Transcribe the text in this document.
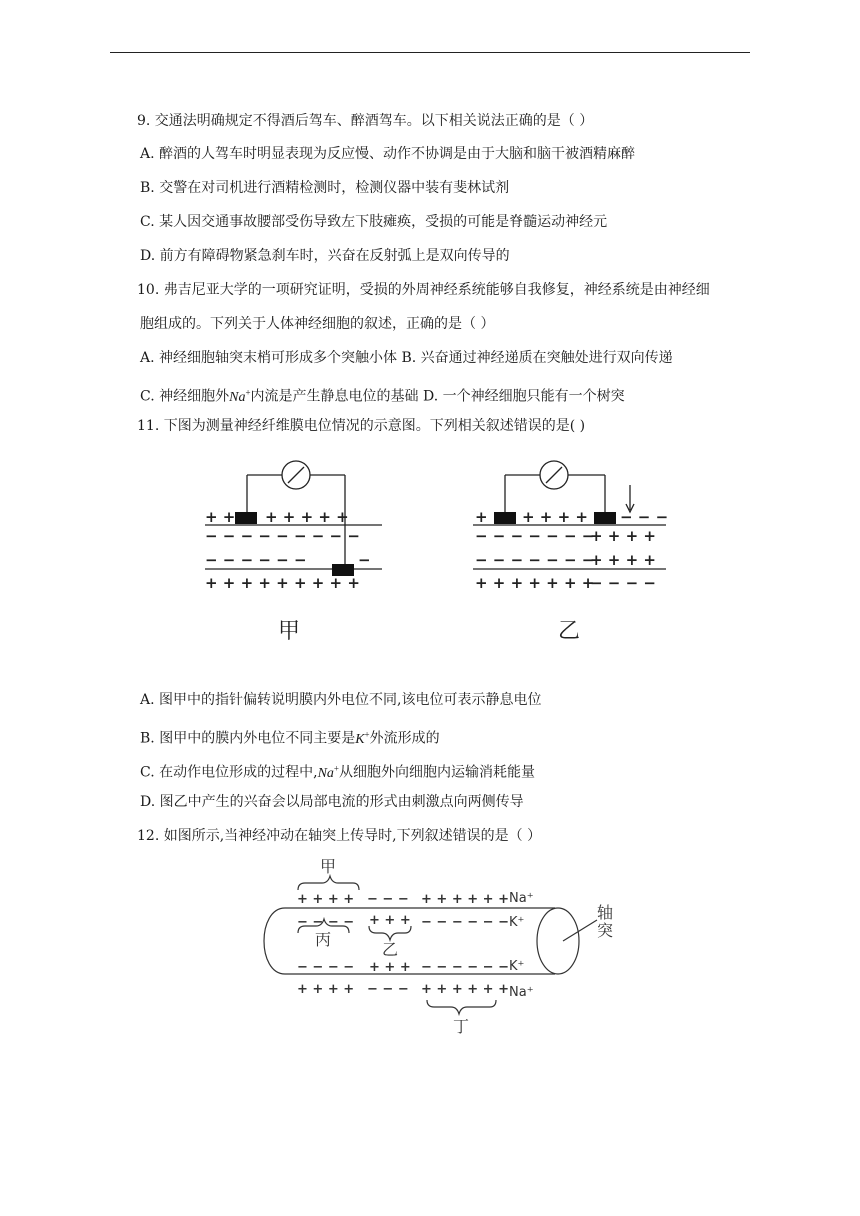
9. 交通法明确规定不得酒后驾车、醉酒驾车。以下相关说法正确的是（ ）
A. 醉酒的人驾车时明显表现为反应慢、动作不协调是由于大脑和脑干被酒精麻醉
B. 交警在对司机进行酒精检测时，检测仪器中装有斐林试剂
C. 某人因交通事故腰部受伤导致左下肢瘫痪，受损的可能是脊髓运动神经元
D. 前方有障碍物紧急刹车时，兴奋在反射弧上是双向传导的
10. 弗吉尼亚大学的一项研究证明，受损的外周神经系统能够自我修复，神经系统是由神经细
胞组成的。下列关于人体神经细胞的叙述，正确的是（ ）
A. 神经细胞轴突末梢可形成多个突触小体 B. 兴奋通过神经递质在突触处进行双向传递
C. 神经细胞外Na+内流是产生静息电位的基础 D. 一个神经细胞只能有一个树突
11. 下图为测量神经纤维膜电位情况的示意图。下列相关叙述错误的是( )
+ + + + + + +
− − − − − − − − −
− − − − − −	−
+ + + + + + + + +
甲
+ + + + + − − −
− − − − − − −
+ + + +
− − − − − − −
+ + + +
+ + + + + + +
− − − −
乙
A. 图甲中的指针偏转说明膜内外电位不同,该电位可表示静息电位
B. 图甲中的膜内外电位不同主要是K+外流形成的
C. 在动作电位形成的过程中,Na+从细胞外向细胞内运输消耗能量
D. 图乙中产生的兴奋会以局部电流的形式由刺激点向两侧传导
12. 如图所示,当神经冲动在轴突上传导时,下列叙述错误的是（ ）
+ + + + − − − + + + + + +
− − − − + + + − − − − − −
− − − − + + + − − − − − −
+ + + + − − − + + + + + +
Na⁺
K⁺
K⁺
Na⁺
甲
丙
乙
丁
轴 突
